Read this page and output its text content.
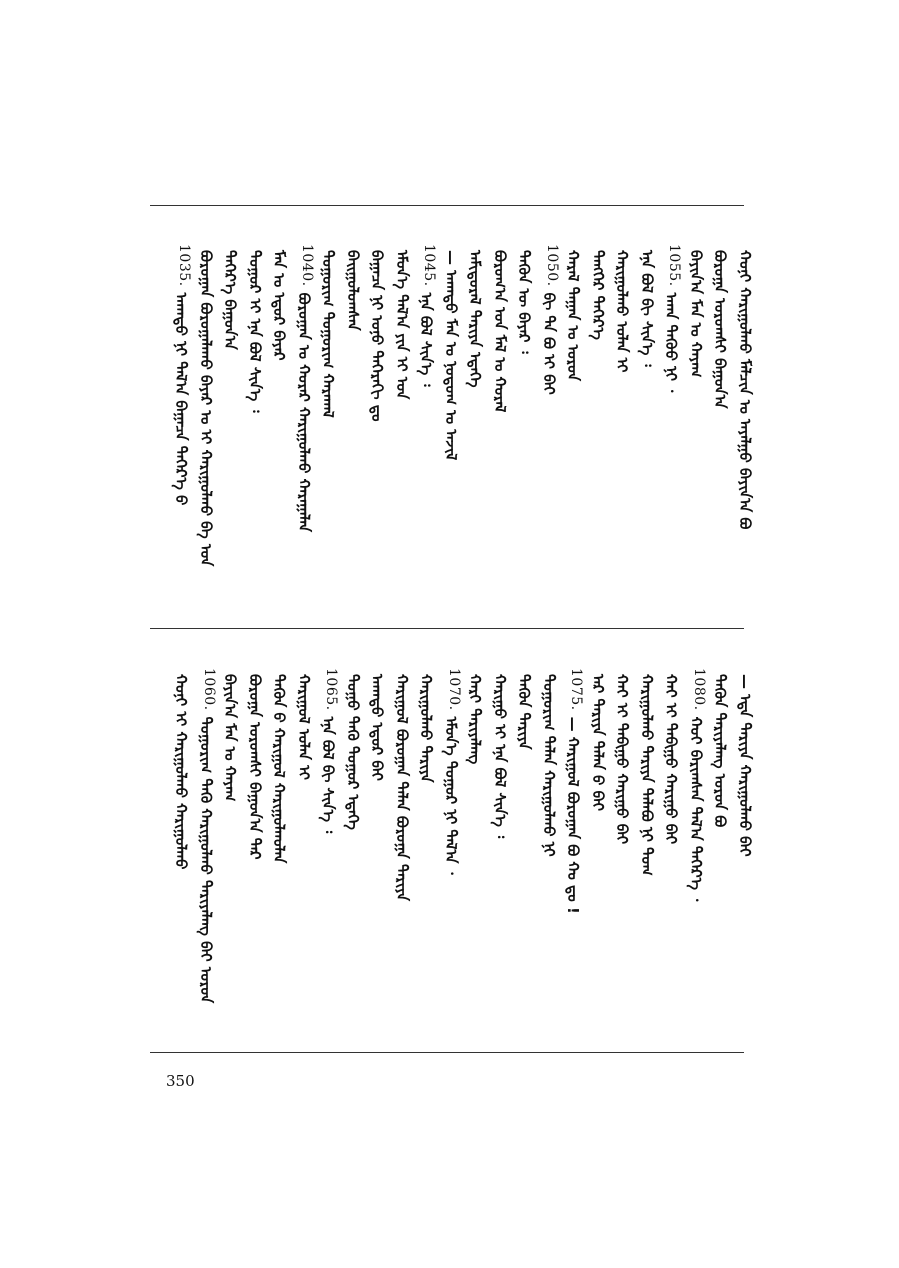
ᠬᠣᠨᠢ ᠬᠠᠷᠢᠭᠤᠯᠬᠤ ᠮᠠᠯᠴᠢᠨ ᠤ ᠠᠶᠠᠯᠭᠤ ᠪᠠᠶᠢᠨ᠎ᠠ ᠪᠣ
ᠪᠣᠷᠣᠭᠠ ᠤᠷᠤᠭᠰᠢ ᠪᠠᠭᠤᠨ᠎ᠠ
ᠪᠠᠶᠢᠨ᠎ᠠ ᠮᠠᠨ ᠤ ᠬᠠᠶᠠᠭ
1055.
ᠠᠬᠠ ᠳᠡᠭᠦᠦ ᠨᠢ ᠂
ᠡᠨᠡ ᠪᠣᠯ ᠪᠢ ᠰᠢᠨ᠎ᠡ ᠄
ᠬᠠᠷᠢᠭᠤᠯᠬᠤ ᠣᠯᠠᠨ ᠢ
ᠲᠡᠩᠭᠡᠷ ᠳᠡᠭᠡᠷ᠎ᠡ
ᠬᠠᠷᠠᠯ ᠲᠠᠭᠠᠨ ᠤ ᠣᠷᠣᠨ
1050.
ᠪᠢ ᠲᠠ ᠪᠣ ᠢ ᠪᠠᠢ
ᠲᠡᠭᠦᠨ ᠦ ᠪᠠᠶᠠᠷ ᠄
ᠪᠣᠷᠣᠭ᠎ᠠ ᠤᠨ ᠮᠠᠯ ᠤ ᠬᠤᠷᠠᠯ
ᠠᠮᠢᠳᠤᠷᠠᠯ ᠲᠠᠷᠢᠶᠠ ᠡᠳᠡᠭᠡ
— ᠠᠬᠠᠳᠤ ᠮᠠᠨ ᠤ ᠨᠤᠲᠤᠭ ᠤ ᠠᠵᠢᠯ
1045.
ᠡᠨᠡ ᠪᠣᠯ ᠰᠢᠨ᠎ᠡ ᠄
ᠡᠮᠦᠨ᠎ᠡ ᠲᠠᠯ᠎ᠠ ᠶᠢᠨ ᠢ ᠡᠳ
ᠪᠠᠭᠠᠴᠠ ᠨᠢ ᠣᠨᠣ ᠳᠡᠭᠡᠷᠡᠬᠢ ᠳᠤ
ᠪᠠᠢᠭᠤᠯᠤᠭᠰᠠᠨ
ᠲᠣᠭᠣᠷᠢᠭ ᠲᠣᠭᠣᠷᠢᠭ ᠬᠠᠷᠠᠬᠠᠯ
1040.
ᠪᠣᠷᠣᠭᠠᠨ ᠤ ᠬᠤᠷᠠᠷ ᠬᠠᠷᠢᠭᠤᠯᠬᠤ ᠬᠠᠷᠠᠭᠠᠯᠠᠨ
ᠮᠠᠨ ᠤ ᠡᠳᠦᠷ ᠪᠠᠶᠠᠷ
ᠲᠣᠭᠣᠷ ᠢ ᠡᠨᠡ ᠪᠣᠯ ᠰᠢᠨ᠎ᠡ ᠄
ᠳᠡᠭᠡᠷ᠎ᠡ ᠪᠠᠭᠤᠨ᠎ᠠ
ᠪᠣᠷᠣᠭᠠᠨ ᠪᠣᠷᠣᠭᠠᠯᠠᠬᠤ ᠪᠠᠶᠠᠷ ᠤ ᠢ ᠬᠠᠷᠢᠭᠤᠯᠬᠤ ᠪᠠ ᠣᠨ
1035.
ᠠᠬᠠᠳᠤ ᠨᠢ ᠲᠠᠯ᠎ᠠ ᠪᠠᠭᠠᠴᠠ ᠳᠡᠭᠡᠷ᠎ᠡ ᠪ
— ᠡᠳᠡ ᠲᠠᠷᠢᠶᠠ ᠬᠠᠷᠢᠭᠤᠯᠬᠤ ᠪᠠᠢ
ᠲᠡᠭᠦᠨ ᠲᠠᠷᠢᠶᠠᠯᠠᠩ ᠣᠷᠣᠨ ᠪᠣ
1080.
ᠬᠣᠢ ᠪᠠᠷᠢᠭᠰᠠᠨ ᠲᠠᠯ᠎ᠠ ᠳᠡᠭᠡᠷ᠎ᠡ ᠂
ᠬᠠᠶ ᠢ ᠲᠠᠪᠢᠭᠤ ᠬᠠᠷᠢᠭᠤ ᠪᠠᠢ
ᠬᠠᠷᠢᠭᠤᠯᠬᠤ ᠲᠠᠷᠢᠶᠠ ᠲᠠᠯᠠᠪᠤ ᠨᠢ ᠲᠣᠭ
ᠬᠠᠶ ᠢ ᠲᠠᠪᠢᠭᠤ ᠬᠠᠷᠢᠭᠤ ᠪᠠᠢ
ᠠᠷ ᠲᠠᠷᠢᠶᠠ ᠲᠠᠯᠠᠨ ᠪ ᠪᠠᠢ
1075.
— ᠬᠠᠷᠢᠭᠤᠯ ᠪᠣᠷᠣᠭᠠᠨ ᠪᠣ ᠬᠤ ᠳᠤ !
ᠲᠣᠭᠣᠷᠢᠭ ᠲᠠᠯᠠᠨ ᠬᠠᠷᠢᠭᠤᠯᠬᠤ ᠨᠢ
ᠲᠡᠭᠦᠨ ᠲᠠᠷᠢᠶᠠ
ᠬᠠᠷᠢᠭᠤ ᠢ ᠡᠨᠡ ᠪᠣᠯ ᠰᠢᠨ᠎ᠡ ᠄
ᠬᠠᠷᠢ ᠲᠠᠷᠢᠶᠠᠯᠠᠩ
1070.
ᠡᠮᠦᠨ᠎ᠡ ᠲᠣᠭᠣᠷ ᠨᠢ ᠲᠠᠯ᠎ᠠ ᠂
ᠬᠠᠷᠢᠭᠤᠯᠬᠤ ᠲᠠᠷᠢᠶᠠ
ᠬᠠᠷᠢᠭᠤᠯ ᠪᠣᠷᠣᠭᠠᠨ ᠲᠠᠯᠠᠨ ᠪᠣᠷᠣᠭᠠ ᠲᠠᠷᠢᠶᠠ
ᠠᠬᠠᠳᠤ ᠡᠳᠦᠷ ᠪᠠᠢ
ᠲᠣᠭᠣ ᠳᠡᠭᠦ ᠲᠣᠭᠣᠷ ᠡᠳᠡᠭᠡ
1065.
ᠡᠨᠡ ᠪᠣᠯ ᠪᠢ ᠰᠢᠨ᠎ᠡ ᠄
ᠬᠠᠷᠢᠭᠤᠯ ᠣᠯᠠᠨ ᠢ
ᠲᠡᠭᠦᠨ ᠪ ᠬᠠᠷᠢᠭᠤᠯ ᠬᠠᠷᠢᠭᠤᠯᠬᠤᠯᠠᠨ
ᠪᠣᠷᠣᠭᠠ ᠤᠷᠤᠭᠰᠢ ᠪᠠᠭᠤᠨ᠎ᠠ ᠲᠠᠷ
ᠪᠠᠶᠢᠨ᠎ᠠ ᠮᠠᠨ ᠤ ᠬᠠᠶᠠᠭ
1060.
ᠲᠣᠭᠣᠷᠢᠭ ᠳᠡᠭᠦ ᠬᠠᠷᠢᠭᠤᠯᠬᠤ ᠲᠠᠷᠢᠶᠠᠯᠠᠩ ᠪᠠᠢ ᠣᠷᠣᠨ
ᠬᠣᠨᠢ ᠢ ᠬᠠᠷᠢᠭᠤᠯᠬᠤ ᠬᠠᠷᠢᠭᠤᠯᠬᠤ
350
